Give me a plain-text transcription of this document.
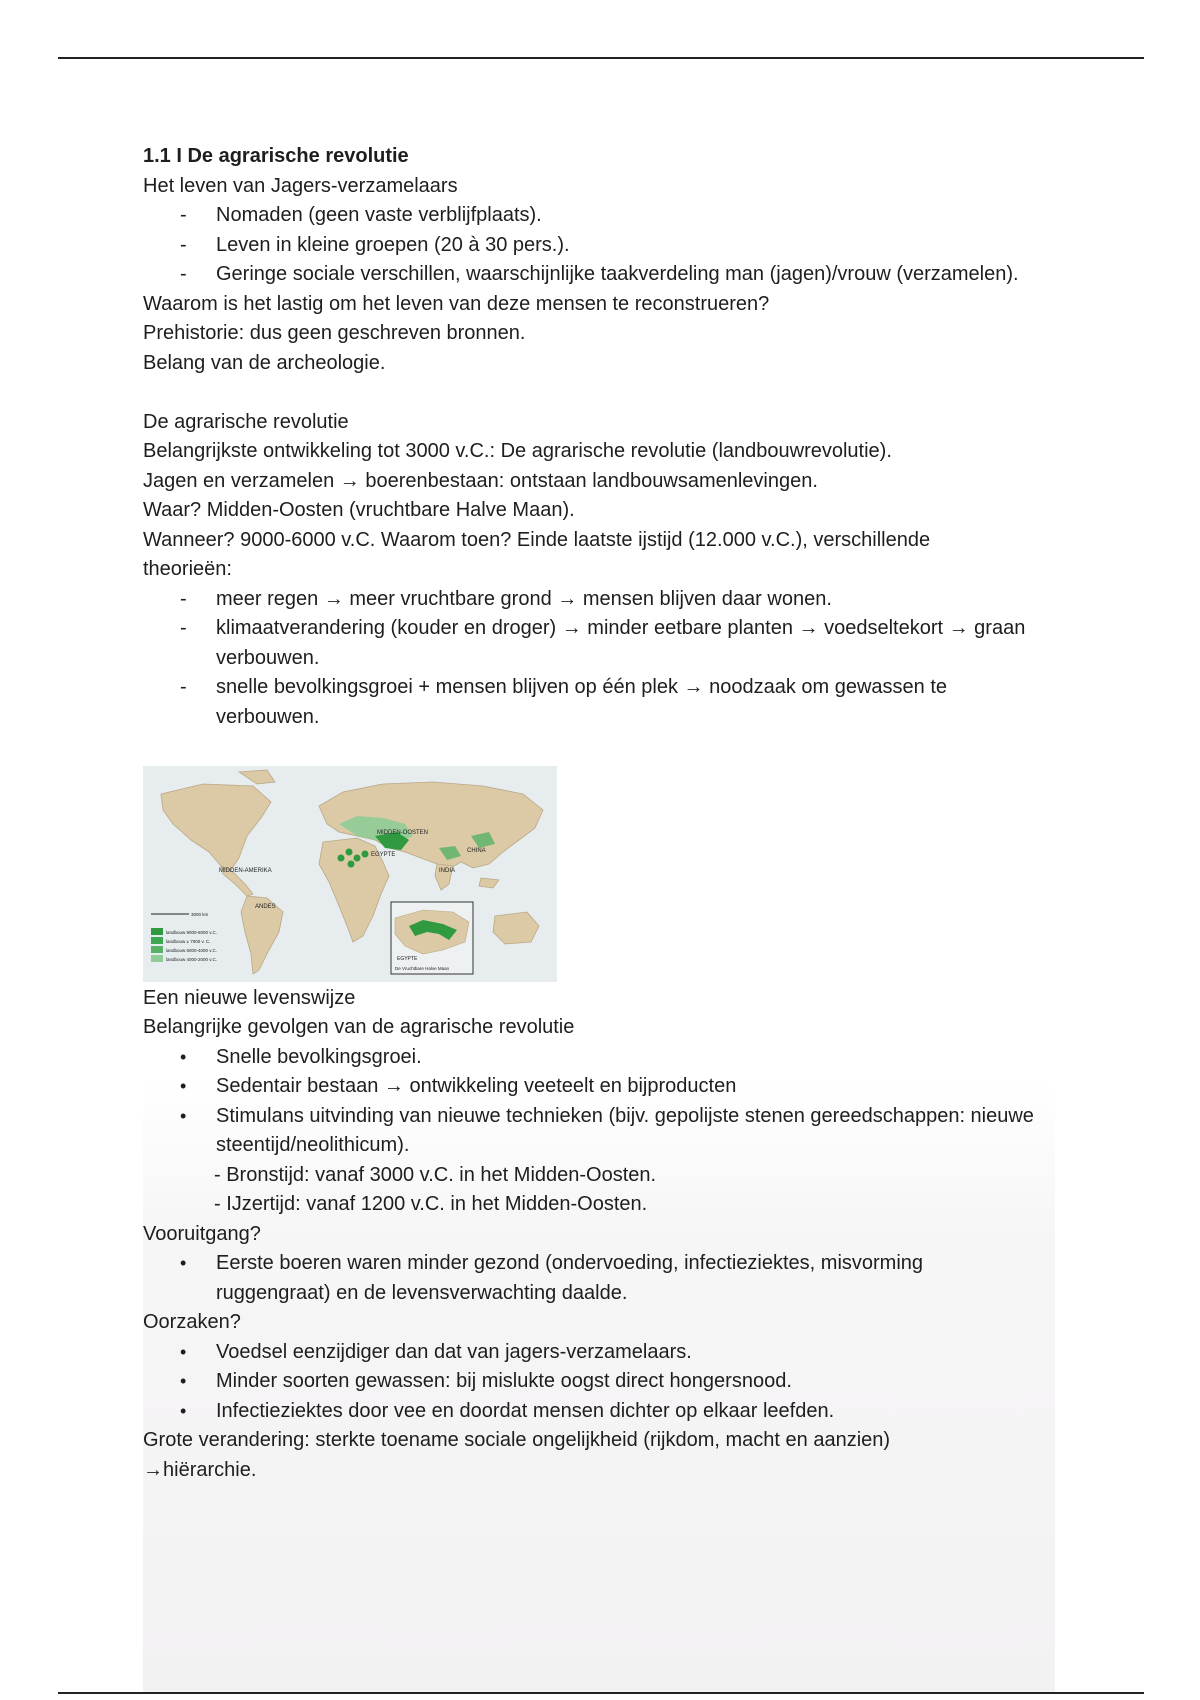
1.1 I De agrarische revolutie
Het leven van Jagers-verzamelaars
-	Nomaden (geen vaste verblijfplaats).
-	Leven in kleine groepen (20 à 30 pers.).
-	Geringe sociale verschillen, waarschijnlijke taakverdeling man (jagen)/vrouw (verzamelen).
Waarom is het lastig om het leven van deze mensen te reconstrueren?
Prehistorie: dus geen geschreven bronnen.
Belang van de archeologie.
De agrarische revolutie
Belangrijkste ontwikkeling tot 3000 v.C.: De agrarische revolutie (landbouwrevolutie).
Jagen en verzamelen → boerenbestaan: ontstaan landbouwsamenlevingen.
Waar? Midden-Oosten (vruchtbare Halve Maan).
Wanneer? 9000-6000 v.C. Waarom toen? Einde laatste ijstijd (12.000 v.C.), verschillende
theorieën:
-	meer regen → meer vruchtbare grond → mensen blijven daar wonen.
-	klimaatverandering (kouder en droger) → minder eetbare planten → voedseltekort → graan verbouwen.
-	snelle bevolkingsgroei + mensen blijven op één plek → noodzaak om gewassen te verbouwen.
MIDDEN-OOSTEN
EGYPTE
CHINA
INDIA
MIDDEN-AMERIKA
ANDES
3000 km
landbouw 9000-6000 v.C.
landbouw ± 7000 v. C.
landbouw 6000-4000 v.C.
landbouw 4000-2000 v.C.	EGYPTE
De Vruchtbare Halve Maan
Een nieuwe levenswijze
Belangrijke gevolgen van de agrarische revolutie
•	Snelle bevolkingsgroei.
•	Sedentair bestaan → ontwikkeling veeteelt en bijproducten
•	Stimulans uitvinding van nieuwe technieken (bijv. gepolijste stenen gereedschappen: nieuwe steentijd/neolithicum).
- Bronstijd: vanaf 3000 v.C. in het Midden-Oosten.
- IJzertijd: vanaf 1200 v.C. in het Midden-Oosten.
Vooruitgang?
•	Eerste boeren waren minder gezond (ondervoeding, infectieziektes, misvorming ruggengraat) en de levensverwachting daalde.
Oorzaken?
•	Voedsel eenzijdiger dan dat van jagers-verzamelaars.
•	Minder soorten gewassen: bij mislukte oogst direct hongersnood.
•	Infectieziektes door vee en doordat mensen dichter op elkaar leefden.
Grote verandering: sterkte toename sociale ongelijkheid (rijkdom, macht en aanzien)
→hiërarchie.
